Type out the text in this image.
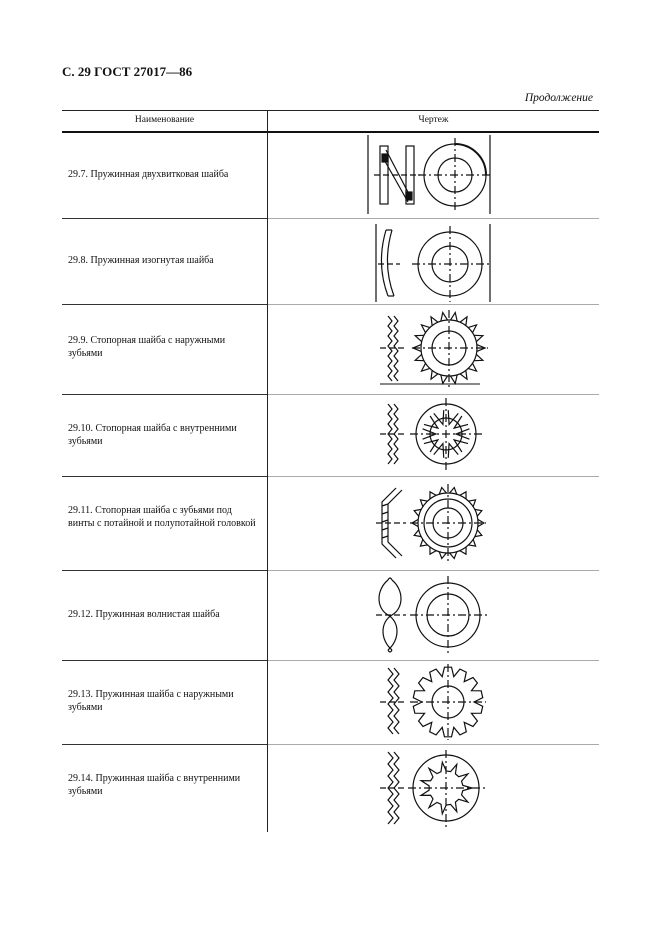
С. 29 ГОСТ 27017—86
Продолжение
Наименование	Чертеж
29.7. Пружинная двухвитковая шайба
29.8. Пружинная изогнутая шайба
29.9. Стопорная шайба с наружными зубьями
29.10. Стопорная шайба с внутренними зубьями
29.11. Стопорная шайба с зубьями под винты с потайной и полупотайной головкой
29.12. Пружинная волнистая шайба
29.13. Пружинная шайба с наружными зубьями
29.14. Пружинная шайба с внутренними зубьями
